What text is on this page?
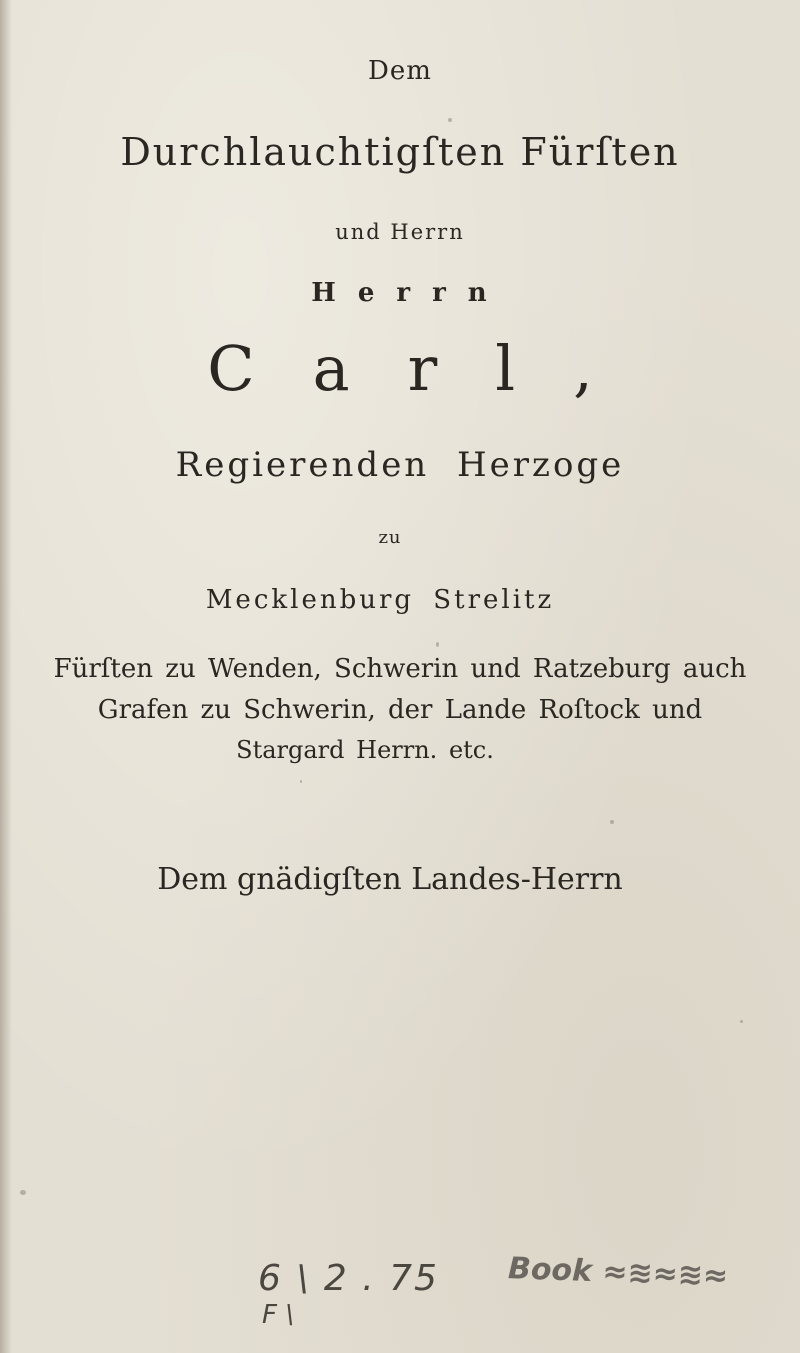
Dem
Durchlauchtigſten Fürſten
und Herrn
Herrn
Carl,
Regierenden Herzoge
zu
Mecklenburg Strelitz
Fürſten zu Wenden, Schwerin und Ratzeburg auch
Grafen zu Schwerin, der Lande Roſtock und
Stargard Herrn. etc.
Dem gnädigſten Landes-Herrn
6 \ 2 . 75
F \
Book ≈≋≈≋≈
